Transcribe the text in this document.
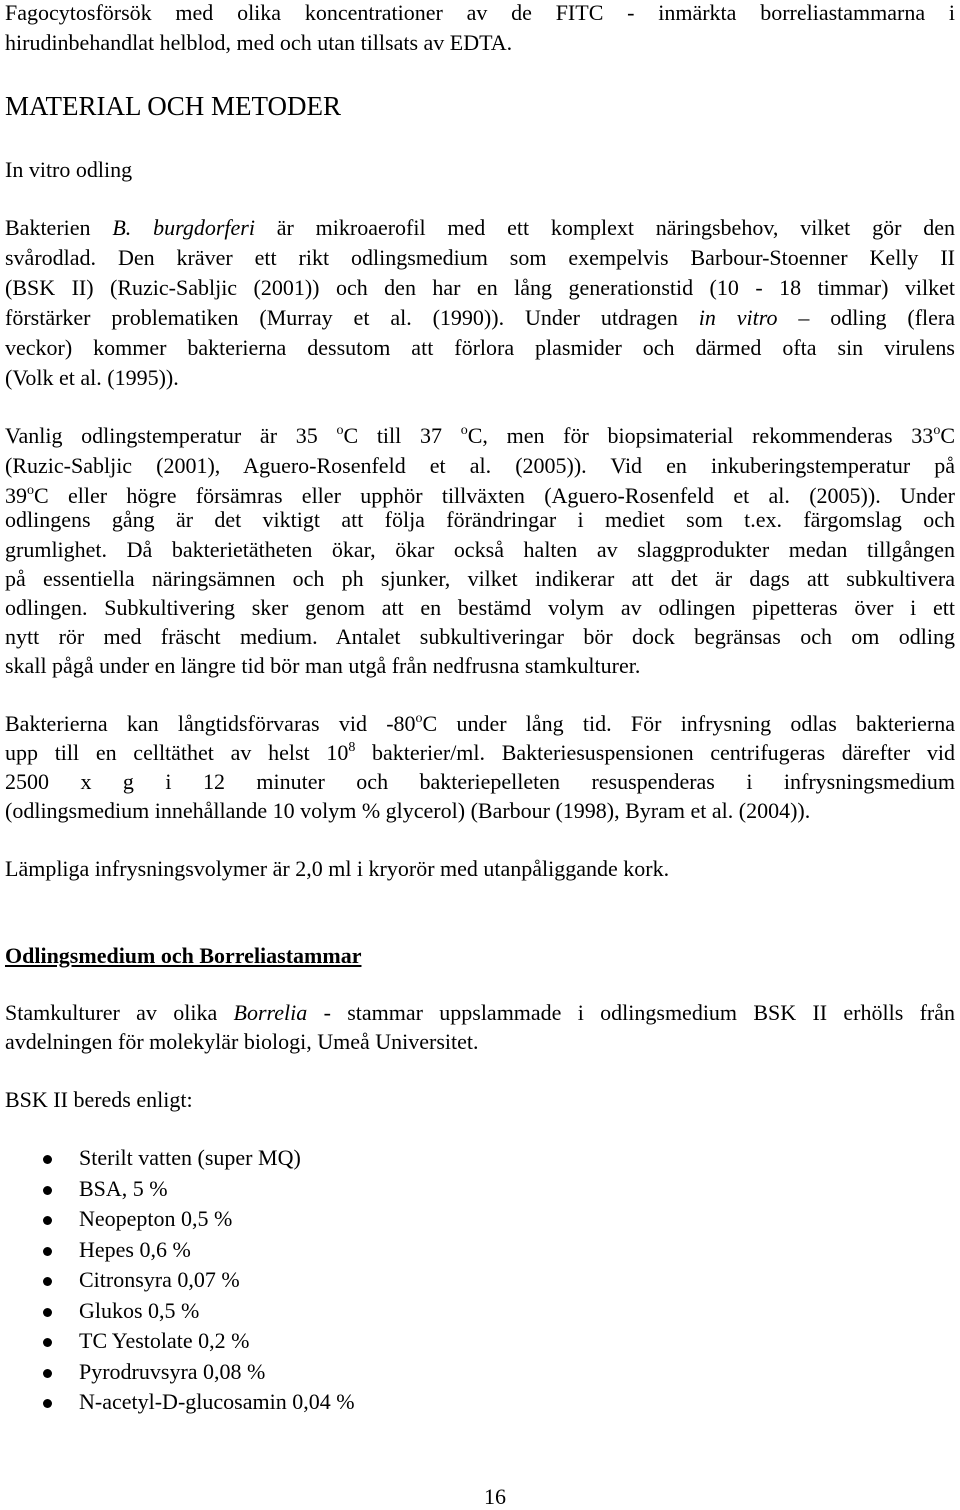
Fagocytosförsök med olika koncentrationer av de FITC - inmärkta borreliastammarna i
hirudinbehandlat helblod, med och utan tillsats av EDTA.
MATERIAL OCH METODER
In vitro odling
Bakterien B. burgdorferi är mikroaerofil med ett komplext näringsbehov, vilket gör den
svårodlad. Den kräver ett rikt odlingsmedium som exempelvis Barbour-Stoenner Kelly II
(BSK II) (Ruzic-Sabljic (2001)) och den har en lång generationstid (10 - 18 timmar) vilket
förstärker problematiken (Murray et al. (1990)). Under utdragen in vitro – odling (flera
veckor) kommer bakterierna dessutom att förlora plasmider och därmed ofta sin virulens
(Volk et al. (1995)).
Vanlig odlingstemperatur är 35 $^o$C till 37 $^o$C, men för biopsimaterial rekommenderas 33$^o$C
(Ruzic-Sabljic (2001), Aguero-Rosenfeld et al. (2005)). Vid en inkuberingstemperatur på
39$^o$C eller högre försämras eller upphör tillväxten (Aguero-Rosenfeld et al. (2005)). Under
odlingens gång är det viktigt att följa förändringar i mediet som t.ex. färgomslag och
grumlighet. Då bakterietätheten ökar, ökar också halten av slaggprodukter medan tillgången
på essentiella näringsämnen och ph sjunker, vilket indikerar att det är dags att subkultivera
odlingen. Subkultivering sker genom att en bestämd volym av odlingen pipetteras över i ett
nytt rör med fräscht medium. Antalet subkultiveringar bör dock begränsas och om odling
skall pågå under en längre tid bör man utgå från nedfrusna stamkulturer.
Bakterierna kan långtidsförvaras vid -80$^o$C under lång tid. För infrysning odlas bakterierna
upp till en celltäthet av helst $10^8$ bakterier/ml. Bakteriesuspensionen centrifugeras därefter vid
2500 x g i 12 minuter och bakteriepelleten resuspenderas i infrysningsmedium
(odlingsmedium innehållande 10 volym % glycerol) (Barbour (1998), Byram et al. (2004)).
Lämpliga infrysningsvolymer är 2,0 ml i kryorör med utanpåliggande kork.
Odlingsmedium och Borreliastammar
Stamkulturer av olika Borrelia - stammar uppslammade i odlingsmedium BSK II erhölls från
avdelningen för molekylär biologi, Umeå Universitet.
BSK II bereds enligt:
Sterilt vatten (super MQ)
BSA, 5 %
Neopepton 0,5 %
Hepes 0,6 %
Citronsyra 0,07 %
Glukos 0,5 %
TC Yestolate 0,2 %
Pyrodruvsyra 0,08 %
N-acetyl-D-glucosamin 0,04 %
16
